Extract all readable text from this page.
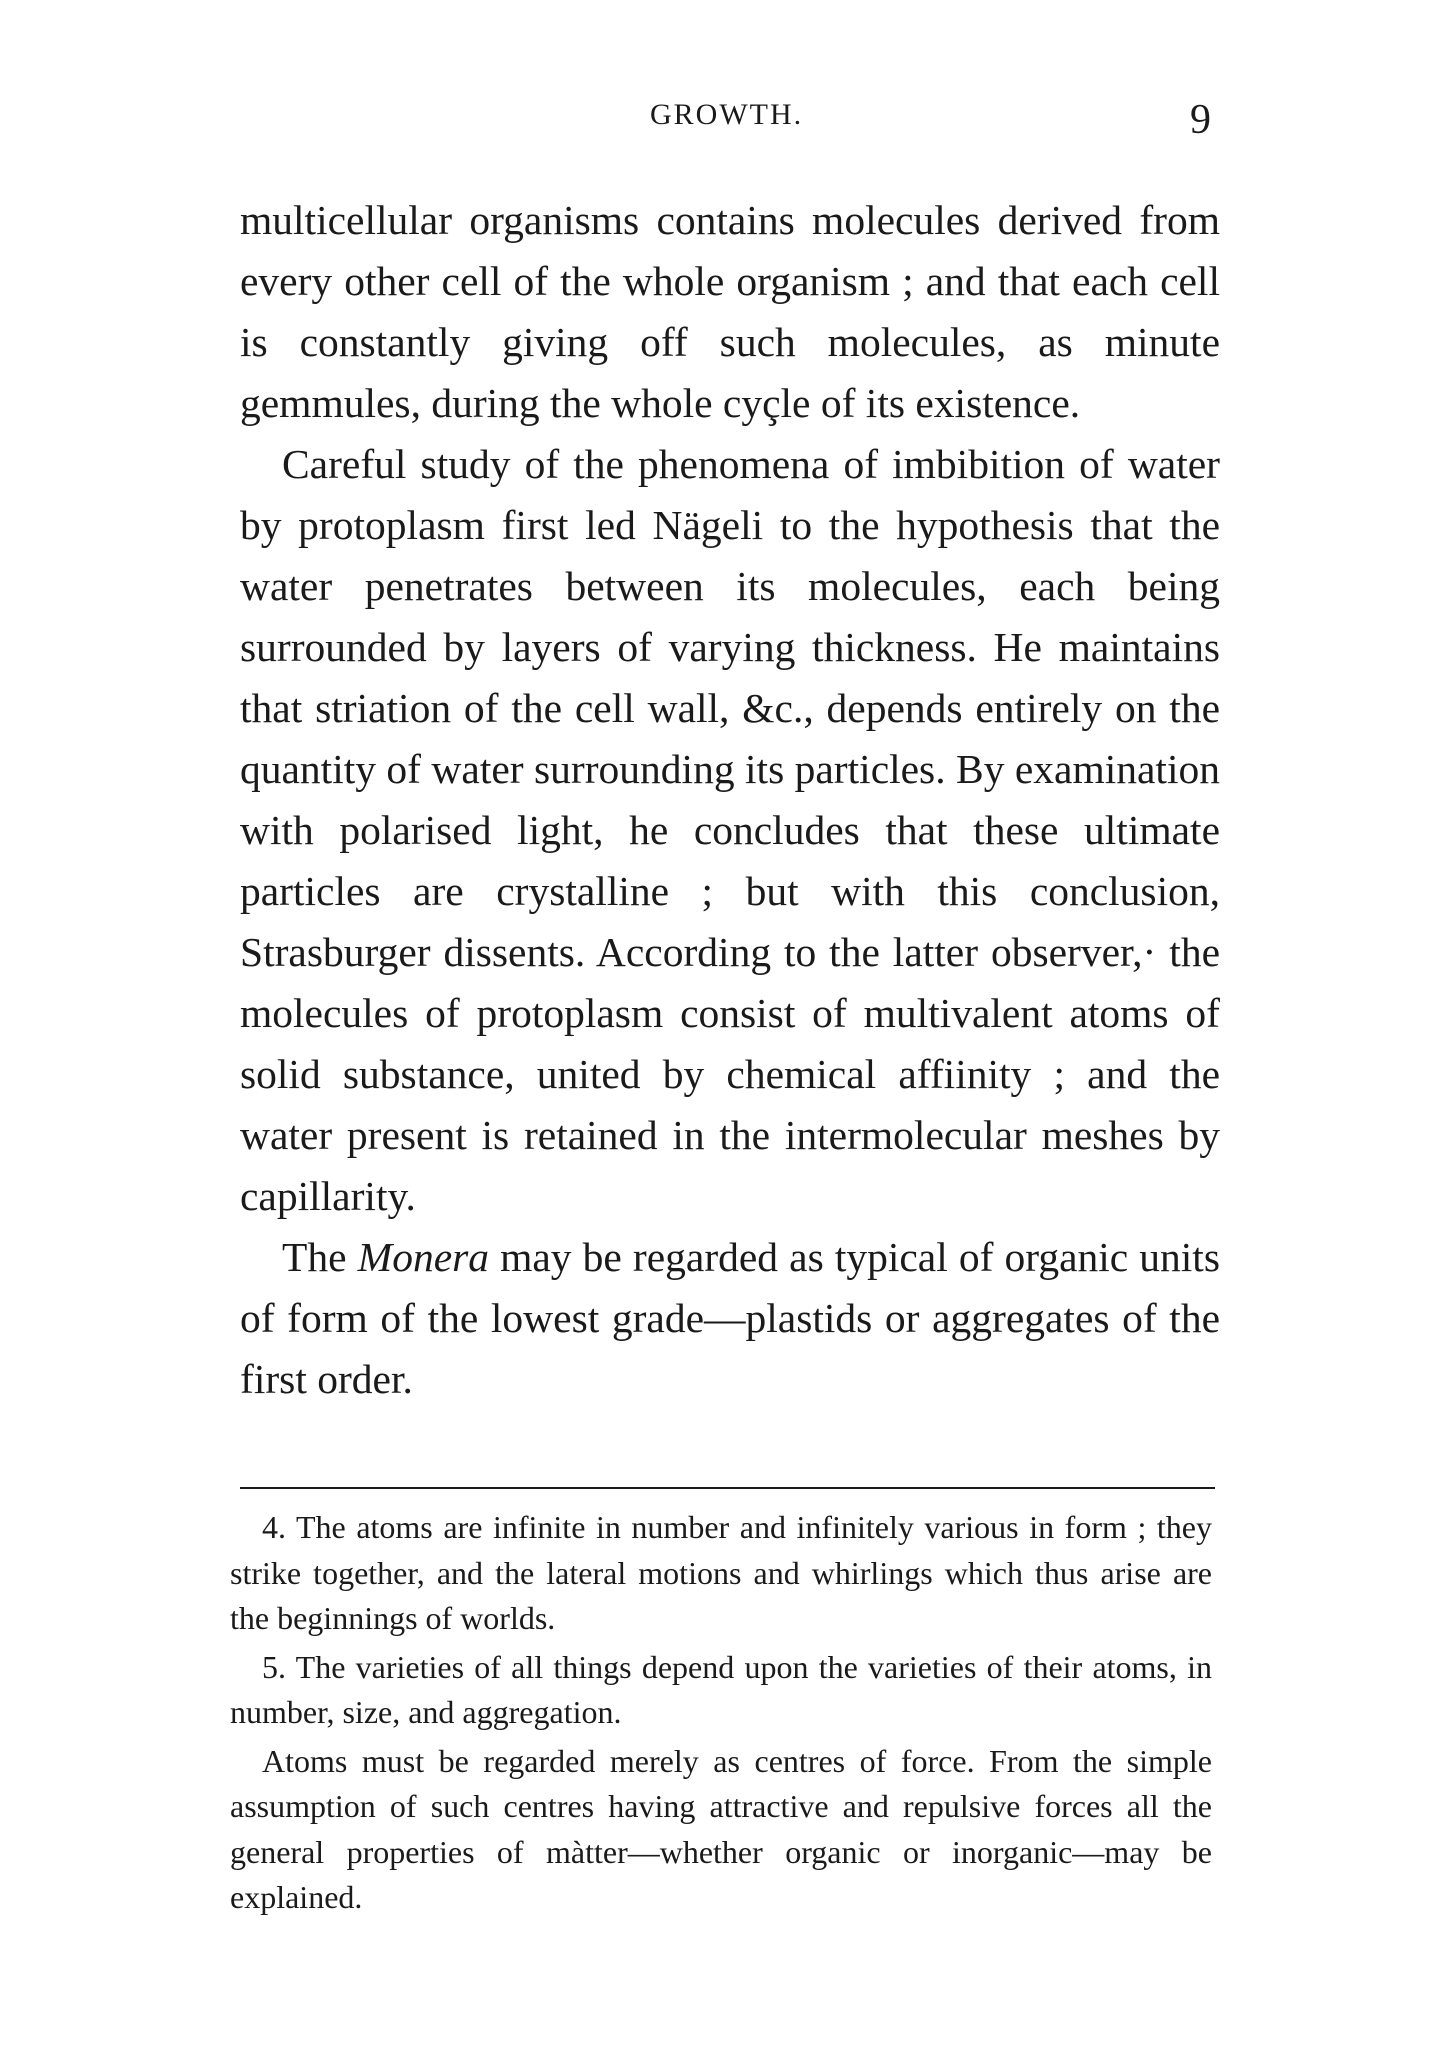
GROWTH.	9

multicellular organisms contains molecules derived from every other cell of the whole organism ; and that each cell is constantly giving off such molecules, as minute gemmules, during the whole cyçle of its existence.

Careful study of the phenomena of imbibition of water by protoplasm first led Nägeli to the hypothesis that the water penetrates between its molecules, each being surrounded by layers of varying thickness. He maintains that striation of the cell wall, &c., depends entirely on the quantity of water surrounding its particles. By examination with polarised light, he concludes that these ultimate particles are crystalline ; but with this conclusion, Strasburger dissents. According to the latter observer,· the molecules of protoplasm consist of multivalent atoms of solid substance, united by chemical affiinity ; and the water present is retained in the intermolecular meshes by capillarity.

The Monera may be regarded as typical of organic units of form of the lowest grade—plastids or aggregates of the first order.

4. The atoms are infinite in number and infinitely various in form ; they strike together, and the lateral motions and whirlings which thus arise are the beginnings of worlds.

5. The varieties of all things depend upon the varieties of their atoms, in number, size, and aggregation.

Atoms must be regarded merely as centres of force. From the simple assumption of such centres having attractive and repulsive forces all the general properties of màtter—whether organic or inorganic—may be explained.
